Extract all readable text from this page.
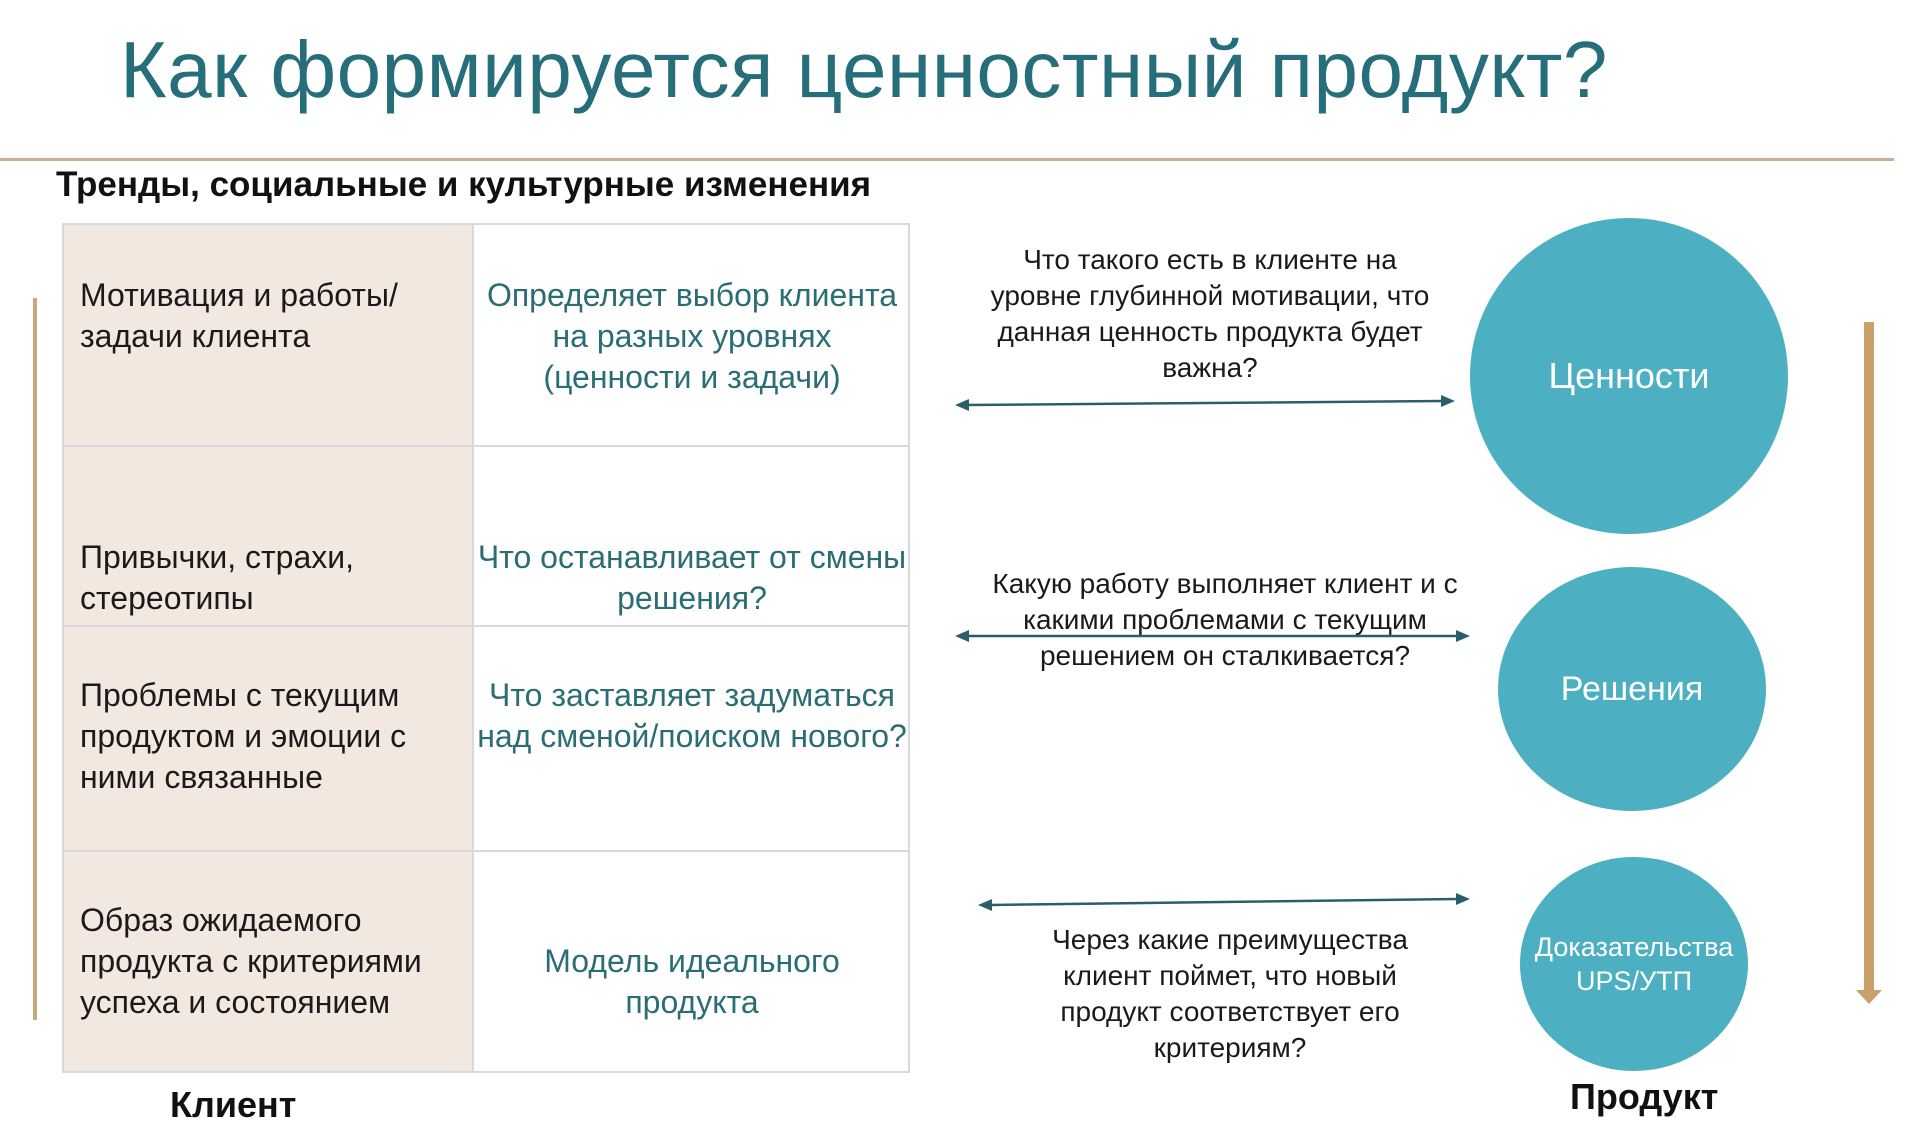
Как формируется ценностный продукт?
Тренды, социальные и культурные изменения
Мотивация и работы/задачи клиента
Определяет выбор клиента на разных уровнях (ценности и задачи)
Привычки, страхи, стереотипы
Что останавливает от смены решения?
Проблемы с текущим продуктом и эмоции с ними связанные
Что заставляет задуматься над сменой/поиском нового?
Образ ожидаемого продукта с критериями успеха и состоянием
Модель идеального продукта
Что такого есть в клиенте на уровне глубинной мотивации, что данная ценность продукта будет важна?
Какую работу выполняет клиент и с какими проблемами с текущим решением он сталкивается?
Через какие преимущества клиент поймет, что новый продукт соответствует его критериям?
Ценности
Решения
Доказательства UPS/УТП
Клиент	Продукт
